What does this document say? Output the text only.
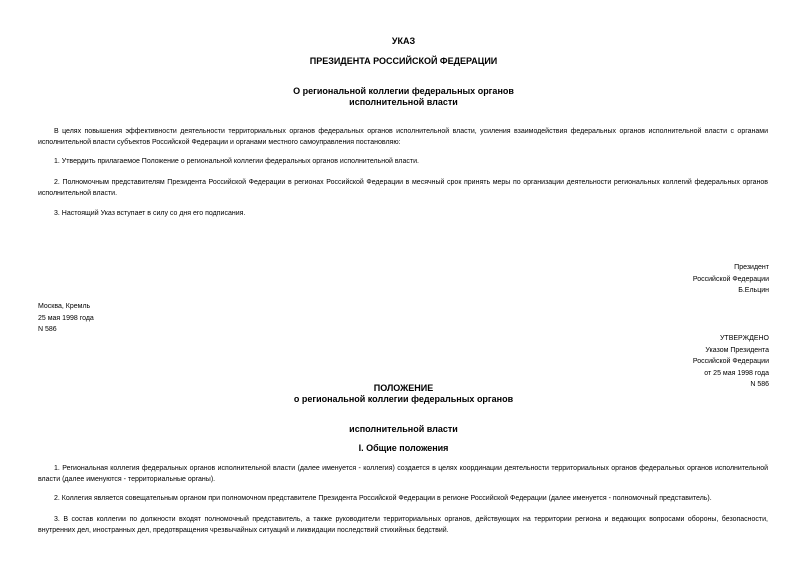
УКАЗ
ПРЕЗИДЕНТА РОССИЙСКОЙ ФЕДЕРАЦИИ
О региональной коллегии федеральных органов
исполнительной власти
В целях повышения эффективности деятельности территориальных органов федеральных органов исполнительной власти, усиления взаимодействия федеральных органов исполнительной власти с органами исполнительной власти субъектов Российской Федерации и органами местного самоуправления постановляю:
1. Утвердить прилагаемое Положение о региональной коллегии федеральных органов исполнительной власти.
2. Полномочным представителям Президента Российской Федерации в регионах Российской Федерации в месячный срок принять меры по организации деятельности региональных коллегий федеральных органов исполнительной власти.
3. Настоящий Указ вступает в силу со дня его подписания.
Президент
Российской Федерации
Б.Ельцин
Москва, Кремль
25 мая 1998 года
N 586
УТВЕРЖДЕНО
Указом Президента
Российской Федерации
от 25 мая 1998 года
N 586
ПОЛОЖЕНИЕ
о региональной коллегии федеральных органов
исполнительной власти
I. Общие положения
1. Региональная коллегия федеральных органов исполнительной власти (далее именуется - коллегия) создается в целях координации деятельности территориальных органов федеральных органов исполнительной власти (далее именуются - территориальные органы).
2. Коллегия является совещательным органом при полномочном представителе Президента Российской Федерации в регионе Российской Федерации (далее именуется - полномочный представитель).
3. В состав коллегии по должности входят полномочный представитель, а также руководители территориальных органов, действующих на территории региона и ведающих вопросами обороны, безопасности, внутренних дел, иностранных дел, предотвращения чрезвычайных ситуаций и ликвидации последствий стихийных бедствий.
